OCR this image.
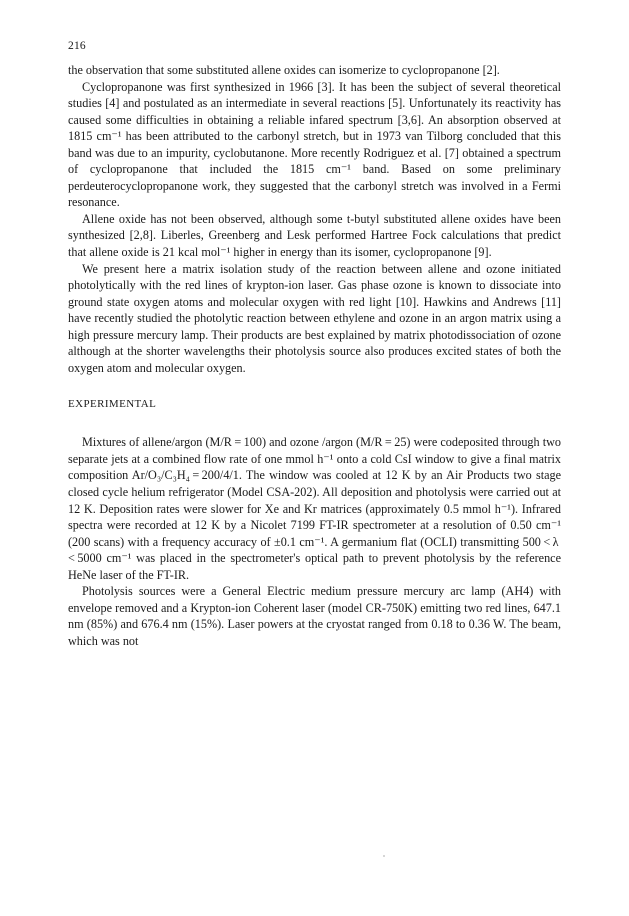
216

the observation that some substituted allene oxides can isomerize to cyclopropanone [2].

Cyclopropanone was first synthesized in 1966 [3]. It has been the subject of several theoretical studies [4] and postulated as an intermediate in several reactions [5]. Unfortunately its reactivity has caused some difficulties in obtaining a reliable infared spectrum [3,6]. An absorption observed at 1815 cm⁻¹ has been attributed to the carbonyl stretch, but in 1973 van Tilborg concluded that this band was due to an impurity, cyclobutanone. More recently Rodriguez et al. [7] obtained a spectrum of cyclopropanone that included the 1815 cm⁻¹ band. Based on some preliminary perdeuterocyclopropanone work, they suggested that the carbonyl stretch was involved in a Fermi resonance.

Allene oxide has not been observed, although some t-butyl substituted allene oxides have been synthesized [2,8]. Liberles, Greenberg and Lesk performed Hartree Fock calculations that predict that allene oxide is 21 kcal mol⁻¹ higher in energy than its isomer, cyclopropanone [9].

We present here a matrix isolation study of the reaction between allene and ozone initiated photolytically with the red lines of krypton-ion laser. Gas phase ozone is known to dissociate into ground state oxygen atoms and molecular oxygen with red light [10]. Hawkins and Andrews [11] have recently studied the photolytic reaction between ethylene and ozone in an argon matrix using a high pressure mercury lamp. Their products are best explained by matrix photodissociation of ozone although at the shorter wavelengths their photolysis source also produces excited states of both the oxygen atom and molecular oxygen.

EXPERIMENTAL

Mixtures of allene/argon (M/R = 100) and ozone /argon (M/R = 25) were codeposited through two separate jets at a combined flow rate of one mmol h⁻¹ onto a cold CsI window to give a final matrix composition Ar/O₃/C₃H₄ = 200/4/1. The window was cooled at 12 K by an Air Products two stage closed cycle helium refrigerator (Model CSA-202). All deposition and photolysis were carried out at 12 K. Deposition rates were slower for Xe and Kr matrices (approximately 0.5 mmol h⁻¹). Infrared spectra were recorded at 12 K by a Nicolet 7199 FT-IR spectrometer at a resolution of 0.50 cm⁻¹ (200 scans) with a frequency accuracy of ±0.1 cm⁻¹. A germanium flat (OCLI) transmitting 500 < λ < 5000 cm⁻¹ was placed in the spectrometer's optical path to prevent photolysis by the reference HeNe laser of the FT-IR.

Photolysis sources were a General Electric medium pressure mercury arc lamp (AH4) with envelope removed and a Krypton-ion Coherent laser (model CR-750K) emitting two red lines, 647.1 nm (85%) and 676.4 nm (15%). Laser powers at the cryostat ranged from 0.18 to 0.36 W. The beam, which was not
